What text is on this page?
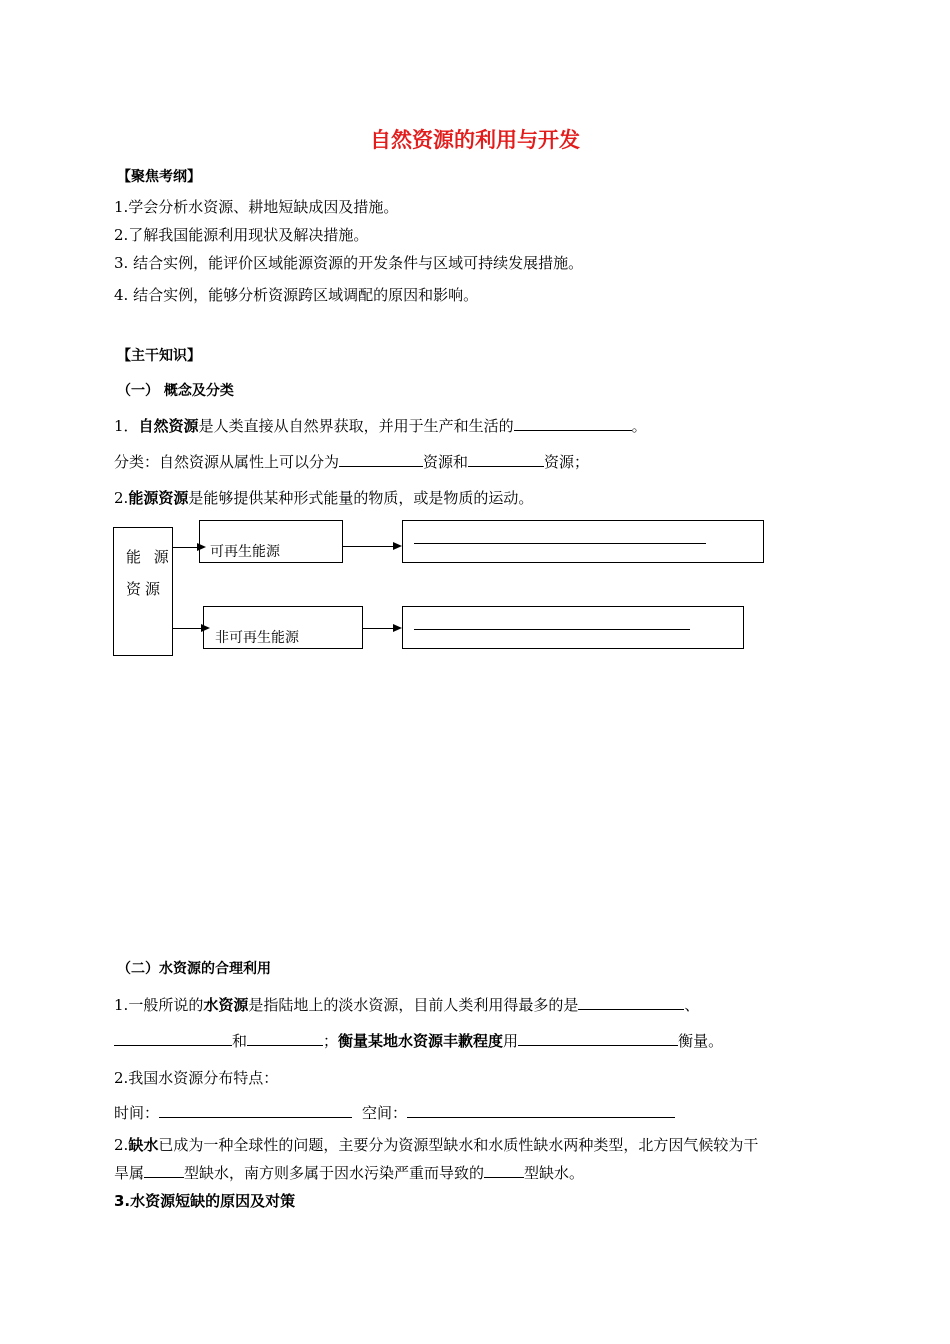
自然资源的利用与开发
【聚焦考纲】
1.学会分析水资源、耕地短缺成因及措施。
2.了解我国能源利用现状及解决措施。
3. 结合实例，能评价区域能源资源的开发条件与区域可持续发展措施。
4. 结合实例，能够分析资源跨区域调配的原因和影响。
【主干知识】
（一） 概念及分类
1．自然资源是人类直接从自然界获取，并用于生产和生活的	。
分类：自然资源从属性上可以分为	资源和	资源；
2.能源资源是能够提供某种形式能量的物质，或是物质的运动。
能 源
资源
可再生能源
非可再生能源
（二）水资源的合理利用
1.一般所说的水资源是指陆地上的淡水资源，目前人类利用得最多的是	、
和	；衡量某地水资源丰歉程度用	衡量。
2.我国水资源分布特点：
时间：	空间：
2.缺水已成为一种全球性的问题，主要分为资源型缺水和水质性缺水两种类型，北方因气候较为干
旱属	型缺水，南方则多属于因水污染严重而导致的	型缺水。
3.水资源短缺的原因及对策
